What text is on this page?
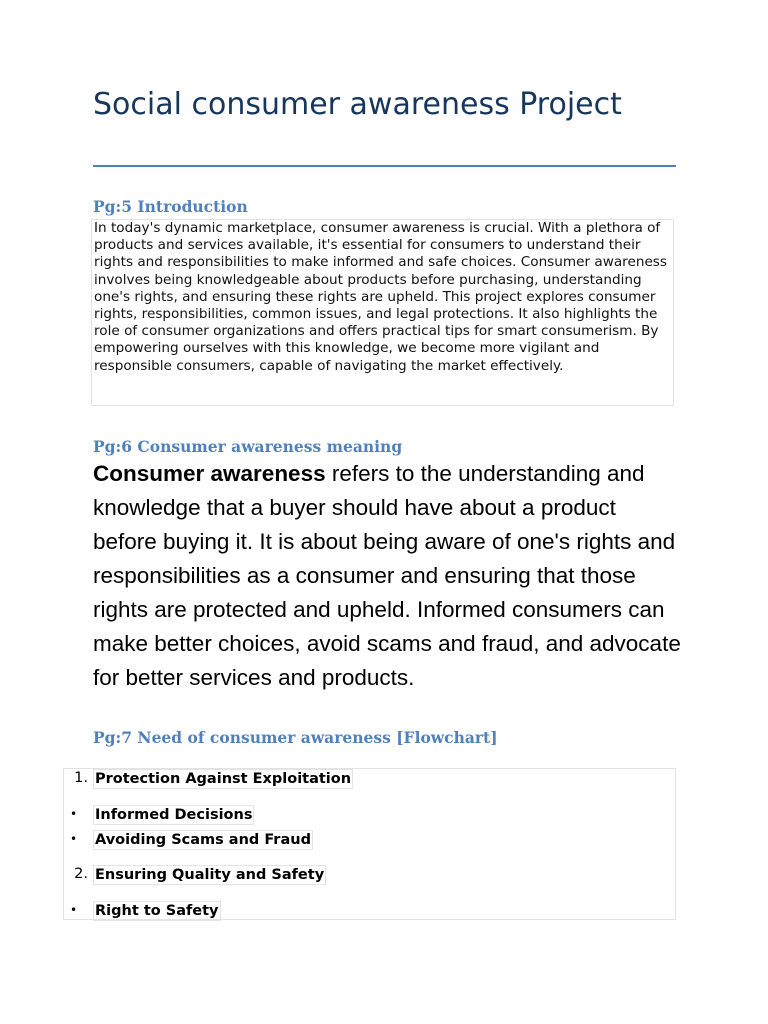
Social consumer awareness Project
Pg:5 Introduction

In today's dynamic marketplace, consumer awareness is crucial. With a plethora of products and services available, it's essential for consumers to understand their rights and responsibilities to make informed and safe choices. Consumer awareness involves being knowledgeable about products before purchasing, understanding one's rights, and ensuring these rights are upheld. This project explores consumer rights, responsibilities, common issues, and legal protections. It also highlights the role of consumer organizations and offers practical tips for smart consumerism. By empowering ourselves with this knowledge, we become more vigilant and responsible consumers, capable of navigating the market effectively.

Pg:6 Consumer awareness meaning

Consumer awareness refers to the understanding and knowledge that a buyer should have about a product before buying it. It is about being aware of one's rights and responsibilities as a consumer and ensuring that those rights are protected and upheld. Informed consumers can make better choices, avoid scams and fraud, and advocate for better services and products.

Pg:7 Need of consumer awareness [Flowchart]
1. Protection Against Exploitation
•	Informed Decisions
•	Avoiding Scams and Fraud
2. Ensuring Quality and Safety
•	Right to Safety
